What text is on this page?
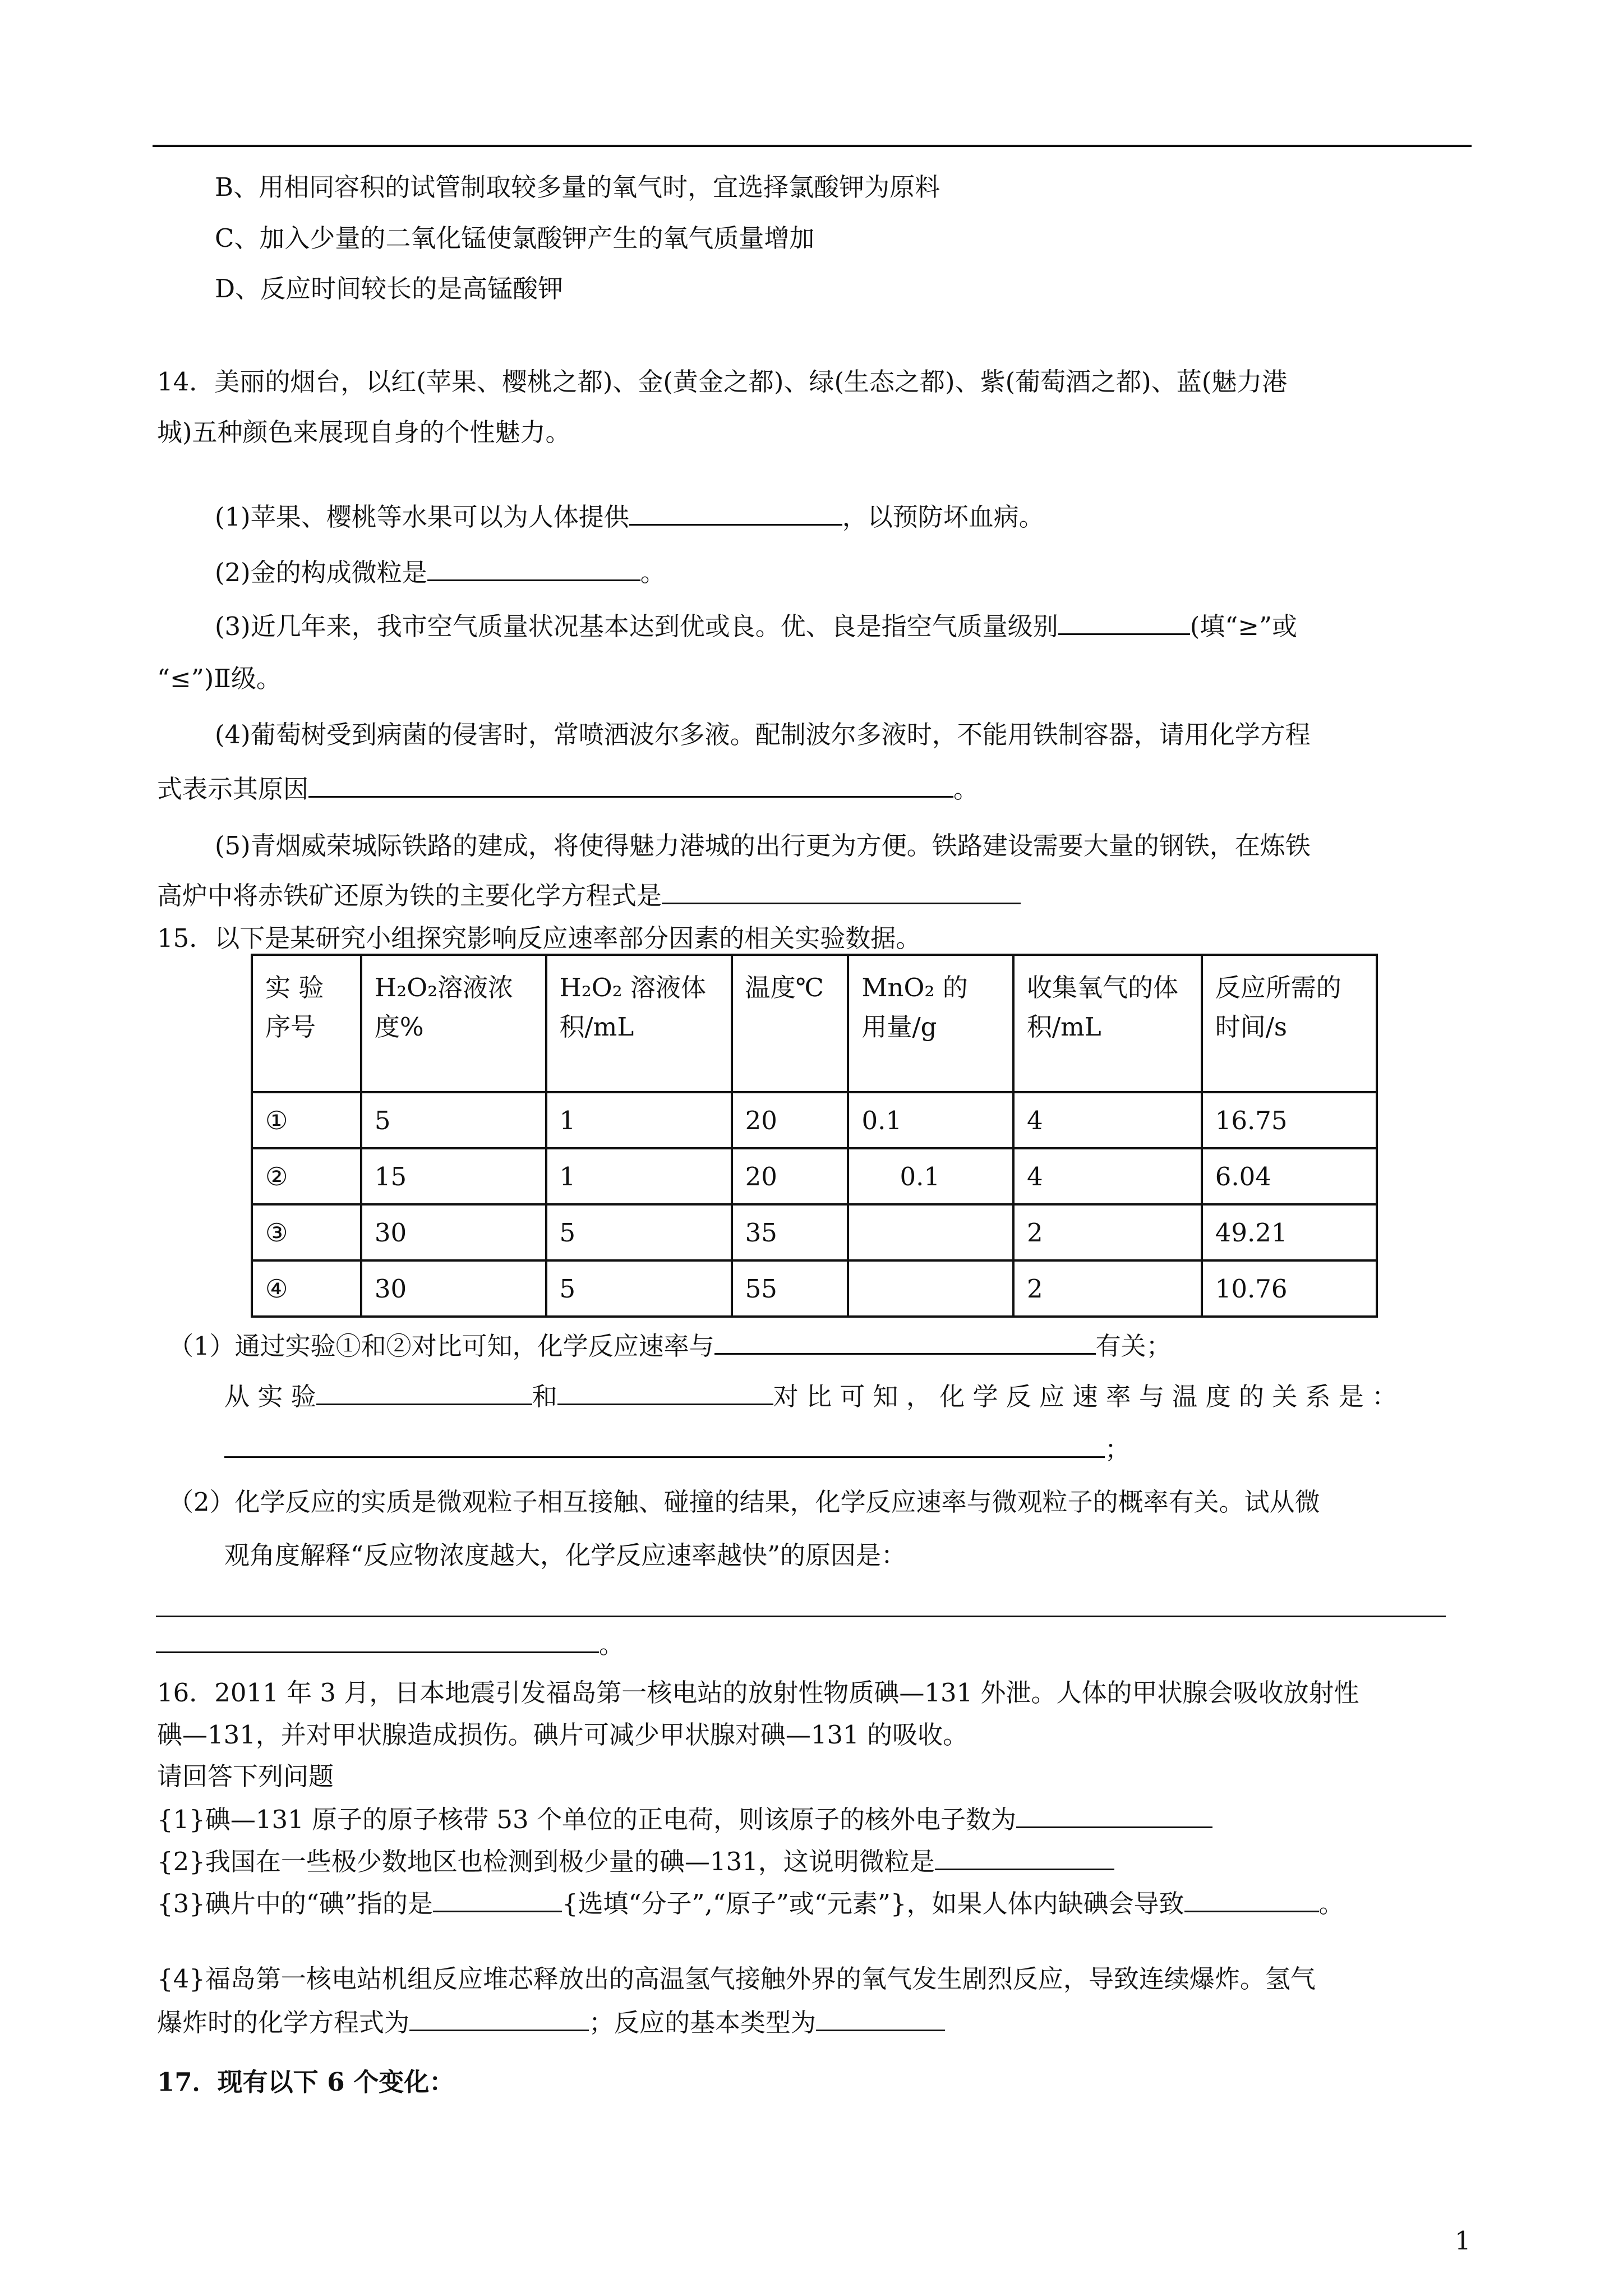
B、用相同容积的试管制取较多量的氧气时，宜选择氯酸钾为原料
C、加入少量的二氧化锰使氯酸钾产生的氧气质量增加
D、反应时间较长的是高锰酸钾
14．美丽的烟台，以红(苹果、樱桃之都)、金(黄金之都)、绿(生态之都)、紫(葡萄酒之都)、蓝(魅力港
城)五种颜色来展现自身的个性魅力。
(1)苹果、樱桃等水果可以为人体提供	，以预防坏血病。
(2)金的构成微粒是	。
(3)近几年来，我市空气质量状况基本达到优或良。优、良是指空气质量级别	(填“≥”或
“≤”)Ⅱ级。
(4)葡萄树受到病菌的侵害时，常喷洒波尔多液。配制波尔多液时，不能用铁制容器，请用化学方程
式表示其原因	。
(5)青烟威荣城际铁路的建成，将使得魅力港城的出行更为方便。铁路建设需要大量的钢铁，在炼铁
高炉中将赤铁矿还原为铁的主要化学方程式是
15．以下是某研究小组探究影响反应速率部分因素的相关实验数据。
实 验 序号	H₂O₂溶液浓度%	H₂O₂ 溶液体积/mL	温度℃	MnO₂ 的 用量/g	收集氧气的体积/mL	反应所需的时间/s
①	5	1	20	0.1	4	16.75
②	15	1	20	0.1	4	6.04
③	30	5	35		2	49.21
④	30	5	55		2	10.76
（1）通过实验①和②对比可知，化学反应速率与	有关；
从 实 验	和	对 比 可 知 ， 化 学 反 应 速 率 与 温 度 的 关 系 是 ：
；
（2）化学反应的实质是微观粒子相互接触、碰撞的结果，化学反应速率与微观粒子的概率有关。试从微
观角度解释“反应物浓度越大，化学反应速率越快”的原因是：
。
16．2011 年 3 月，日本地震引发福岛第一核电站的放射性物质碘—131 外泄。人体的甲状腺会吸收放射性
碘—131，并对甲状腺造成损伤。碘片可减少甲状腺对碘—131 的吸收。
请回答下列问题
{1}碘—131 原子的原子核带 53 个单位的正电荷，则该原子的核外电子数为
{2}我国在一些极少数地区也检测到极少量的碘—131，这说明微粒是
{3}碘片中的“碘”指的是	{选填“分子”,“原子”或“元素”}，如果人体内缺碘会导致	。
{4}福岛第一核电站机组反应堆芯释放出的高温氢气接触外界的氧气发生剧烈反应，导致连续爆炸。氢气
爆炸时的化学方程式为	；反应的基本类型为
17．现有以下 6 个变化：
1
